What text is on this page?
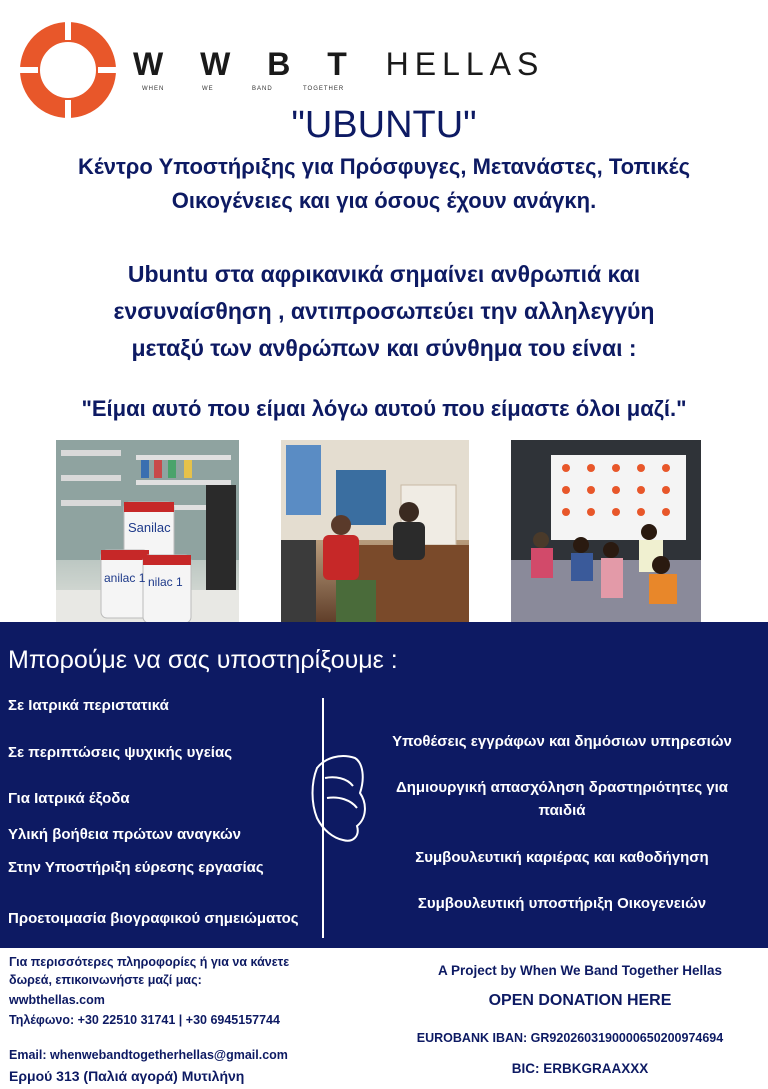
W W B T HELLAS
WHEN	WE	BAND	TOGETHER
"UBUNTU"
Κέντρο Υποστήριξης για Πρόσφυγες, Μετανάστες, Τοπικές
Οικογένειες και για όσους έχουν ανάγκη.
Ubuntu στα αφρικανικά σημαίνει ανθρωπιά και
ενσυναίσθηση , αντιπροσωπεύει την αλληλεγγύη
μεταξύ των ανθρώπων και σύνθημα του είναι :
"Είμαι αυτό που είμαι λόγω αυτού που είμαστε όλοι μαζί."
Sanilac
anilac 1 nilac 1
Μπορούμε να σας υποστηρίξουμε :
Σε Ιατρικά περιστατικά
Σε περιπτώσεις ψυχικής υγείας
Για Ιατρικά έξοδα
Υλική βοήθεια πρώτων αναγκών
Στην Υποστήριξη εύρεσης εργασίας
Προετοιμασία βιογραφικού σημειώματος
Υποθέσεις εγγράφων και δημόσιων υπηρεσιών
Δημιουργική απασχόληση δραστηριότητες για
παιδιά
Συμβουλευτική καριέρας και καθοδήγηση
Συμβουλευτική υποστήριξη Οικογενειών
Για περισσότερες πληροφορίες ή για να κάνετε
δωρεά, επικοινωνήστε μαζί μας:
wwbthellas.com
Τηλέφωνο: +30 22510 31741 | +30 6945157744
Email: whenwebandtogetherhellas@gmail.com
Ερμού 313 (Παλιά αγορά) Μυτιλήνη
A Project by When We Band Together Hellas
OPEN DONATION HERE
EUROBANK IBAN: GR9202603190000650200974694
BIC: ERBKGRAAXXX
